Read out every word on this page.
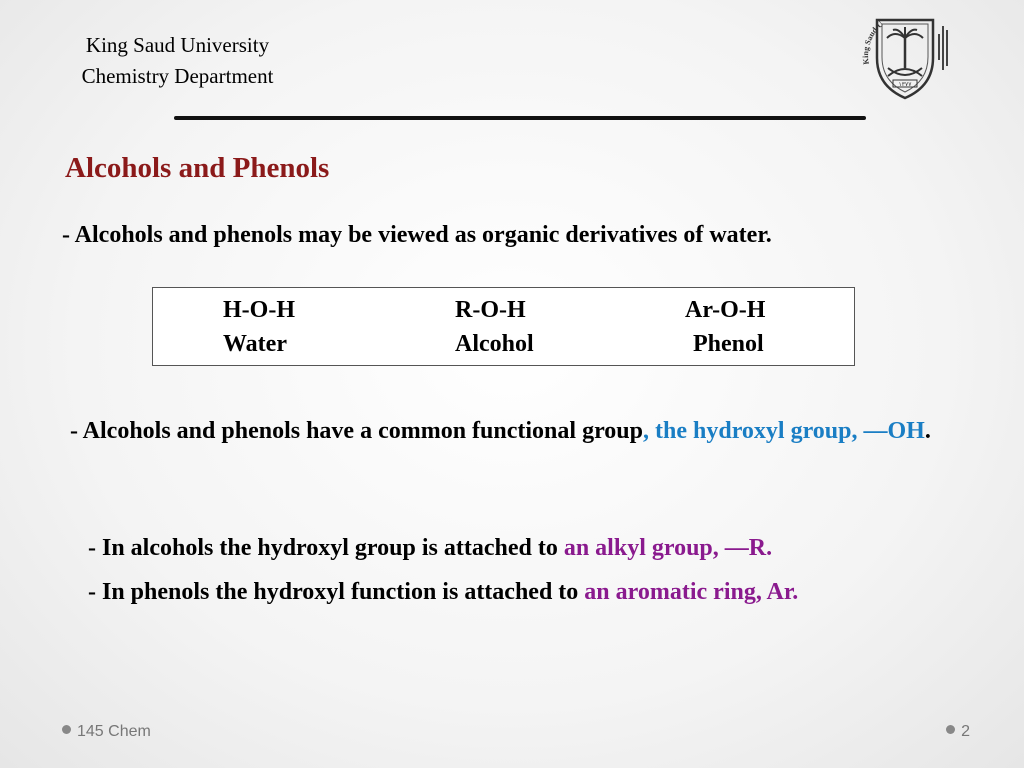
King Saud University
Chemistry Department	١٣٧٧
King Saud U
Alcohols and Phenols
- Alcohols and phenols may be viewed as organic derivatives of water.
H-O-H	R-O-H	Ar-O-H
Water	Alcohol	Phenol
- Alcohols and phenols have a common functional group, the hydroxyl group, —OH.
- In alcohols the hydroxyl group is attached to an alkyl group, —R.
- In phenols the hydroxyl function is attached to an aromatic ring, Ar.
145 Chem	2
